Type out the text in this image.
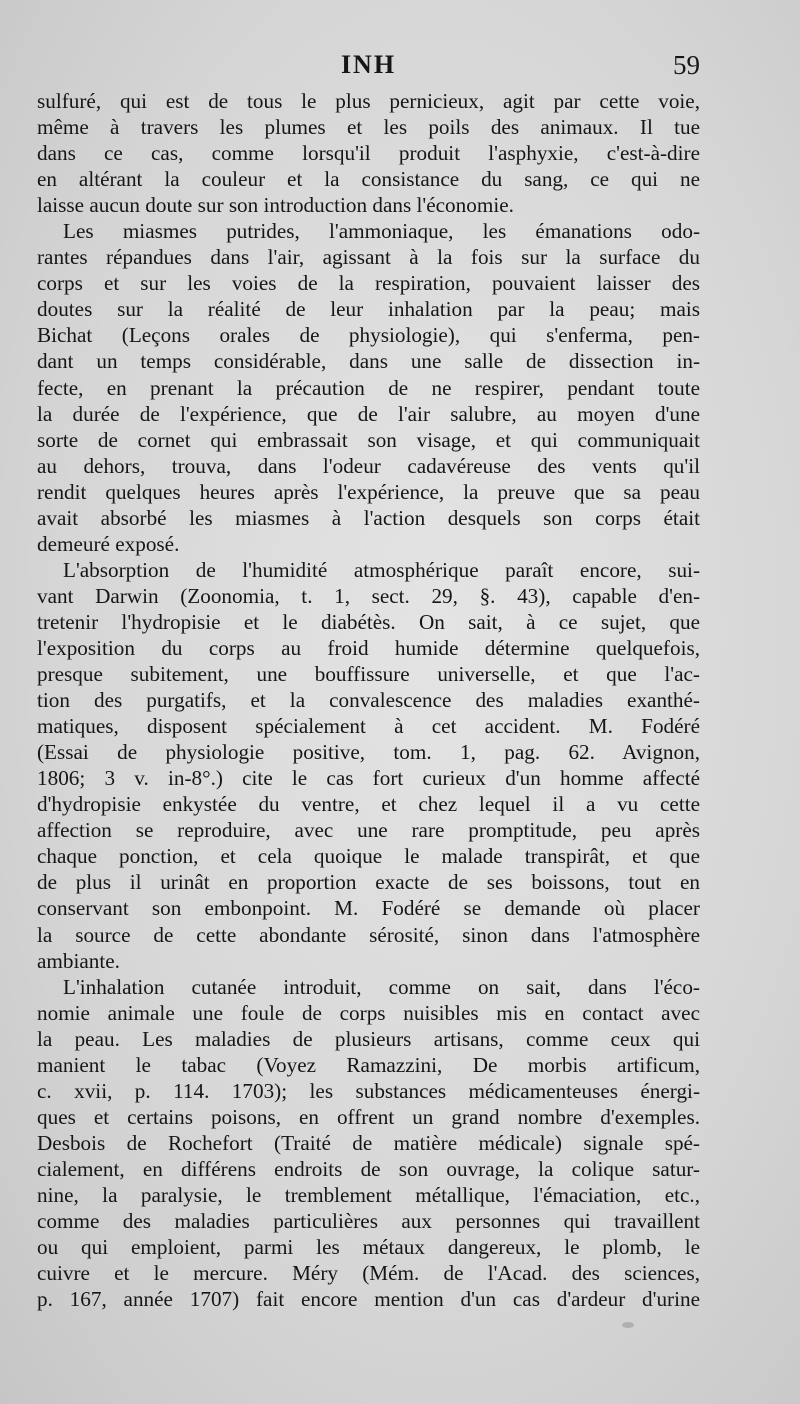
INH	59
sulfuré, qui est de tous le plus pernicieux, agit par cette voie,
même à travers les plumes et les poils des animaux. Il tue
dans ce cas, comme lorsqu'il produit l'asphyxie, c'est-à-dire
en altérant la couleur et la consistance du sang, ce qui ne
laisse aucun doute sur son introduction dans l'économie.
Les miasmes putrides, l'ammoniaque, les émanations odo-
rantes répandues dans l'air, agissant à la fois sur la surface du
corps et sur les voies de la respiration, pouvaient laisser des
doutes sur la réalité de leur inhalation par la peau; mais
Bichat (Leçons orales de physiologie), qui s'enferma, pen-
dant un temps considérable, dans une salle de dissection in-
fecte, en prenant la précaution de ne respirer, pendant toute
la durée de l'expérience, que de l'air salubre, au moyen d'une
sorte de cornet qui embrassait son visage, et qui communiquait
au dehors, trouva, dans l'odeur cadavéreuse des vents qu'il
rendit quelques heures après l'expérience, la preuve que sa peau
avait absorbé les miasmes à l'action desquels son corps était
demeuré exposé.
L'absorption de l'humidité atmosphérique paraît encore, sui-
vant Darwin (Zoonomia, t. 1, sect. 29, §. 43), capable d'en-
tretenir l'hydropisie et le diabétès. On sait, à ce sujet, que
l'exposition du corps au froid humide détermine quelquefois,
presque subitement, une bouffissure universelle, et que l'ac-
tion des purgatifs, et la convalescence des maladies exanthé-
matiques, disposent spécialement à cet accident. M. Fodéré
(Essai de physiologie positive, tom. 1, pag. 62. Avignon,
1806; 3 v. in-8°.) cite le cas fort curieux d'un homme affecté
d'hydropisie enkystée du ventre, et chez lequel il a vu cette
affection se reproduire, avec une rare promptitude, peu après
chaque ponction, et cela quoique le malade transpirât, et que
de plus il urinât en proportion exacte de ses boissons, tout en
conservant son embonpoint. M. Fodéré se demande où placer
la source de cette abondante sérosité, sinon dans l'atmosphère
ambiante.
L'inhalation cutanée introduit, comme on sait, dans l'éco-
nomie animale une foule de corps nuisibles mis en contact avec
la peau. Les maladies de plusieurs artisans, comme ceux qui
manient le tabac (Voyez Ramazzini, De morbis artificum,
c. xvii, p. 114. 1703); les substances médicamenteuses énergi-
ques et certains poisons, en offrent un grand nombre d'exemples.
Desbois de Rochefort (Traité de matière médicale) signale spé-
cialement, en différens endroits de son ouvrage, la colique satur-
nine, la paralysie, le tremblement métallique, l'émaciation, etc.,
comme des maladies particulières aux personnes qui travaillent
ou qui emploient, parmi les métaux dangereux, le plomb, le
cuivre et le mercure. Méry (Mém. de l'Acad. des sciences,
p. 167, année 1707) fait encore mention d'un cas d'ardeur d'urine
